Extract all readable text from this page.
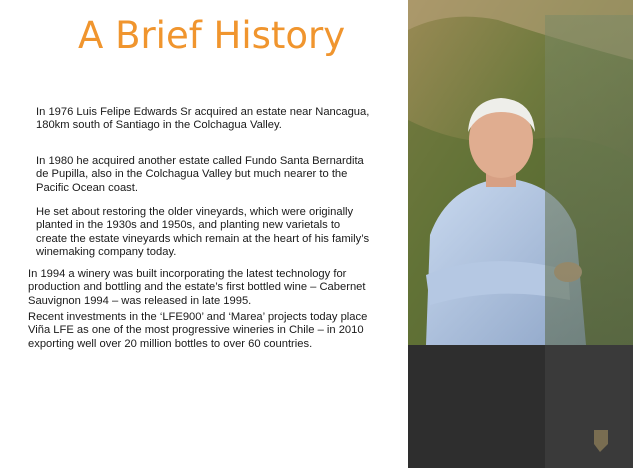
A Brief History

In 1976 Luis Felipe Edwards Sr acquired an estate near Nancagua, 180km south of Santiago in the Colchagua Valley.

In 1980 he acquired another estate called Fundo Santa Bernardita de Pupilla, also in the Colchagua Valley but much nearer to the Pacific Ocean coast.

He set about restoring the older vineyards, which were originally planted in the 1930s and 1950s, and planting new varietals to create the estate vineyards which remain at the heart of his family’s winemaking company today.

In 1994 a winery was built incorporating the latest technology for production and bottling and the estate’s first bottled wine – Cabernet Sauvignon 1994 – was released in late 1995.

Recent investments in the ‘LFE900’ and ‘Marea’ projects today place Viña LFE as one of the most progressive wineries in Chile – in 2010 exporting well over 20 million bottles to over 60 countries.
